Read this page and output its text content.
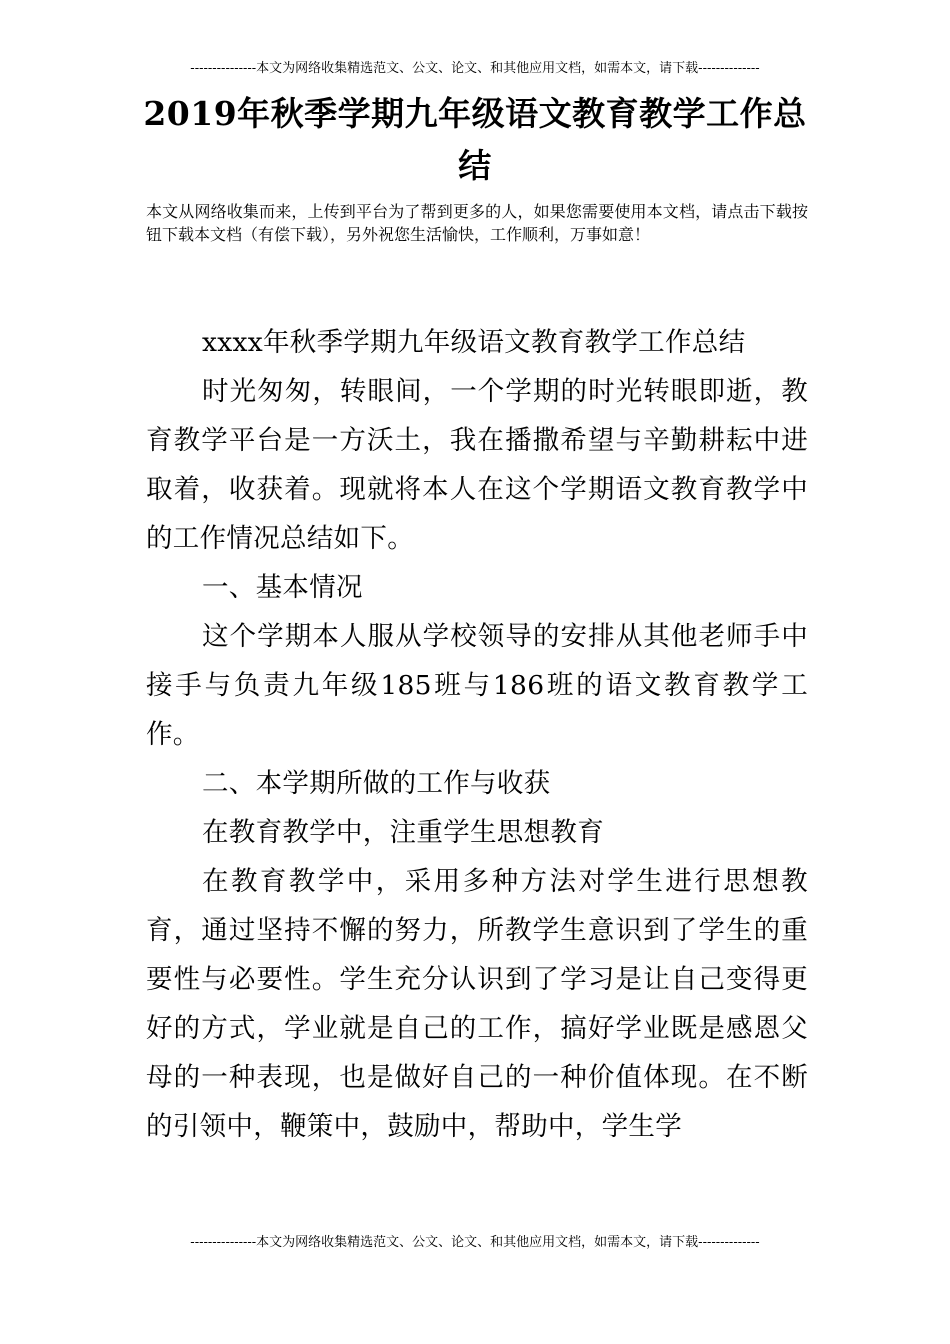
---------------本文为网络收集精选范文、公文、论文、和其他应用文档，如需本文，请下载--------------
2019年秋季学期九年级语文教育教学工作总结
本文从网络收集而来，上传到平台为了帮到更多的人，如果您需要使用本文档，请点击下载按钮下载本文档（有偿下载），另外祝您生活愉快，工作顺利，万事如意！

xxxx年秋季学期九年级语文教育教学工作总结

时光匆匆，转眼间，一个学期的时光转眼即逝，教育教学平台是一方沃土，我在播撒希望与辛勤耕耘中进取着，收获着。现就将本人在这个学期语文教育教学中的工作情况总结如下。

一、基本情况

这个学期本人服从学校领导的安排从其他老师手中接手与负责九年级185班与186班的语文教育教学工作。

二、本学期所做的工作与收获

在教育教学中，注重学生思想教育

在教育教学中，采用多种方法对学生进行思想教育，通过坚持不懈的努力，所教学生意识到了学生的重要性与必要性。学生充分认识到了学习是让自己变得更好的方式，学业就是自己的工作，搞好学业既是感恩父母的一种表现，也是做好自己的一种价值体现。在不断的引领中，鞭策中，鼓励中，帮助中，学生学

---------------本文为网络收集精选范文、公文、论文、和其他应用文档，如需本文，请下载--------------
